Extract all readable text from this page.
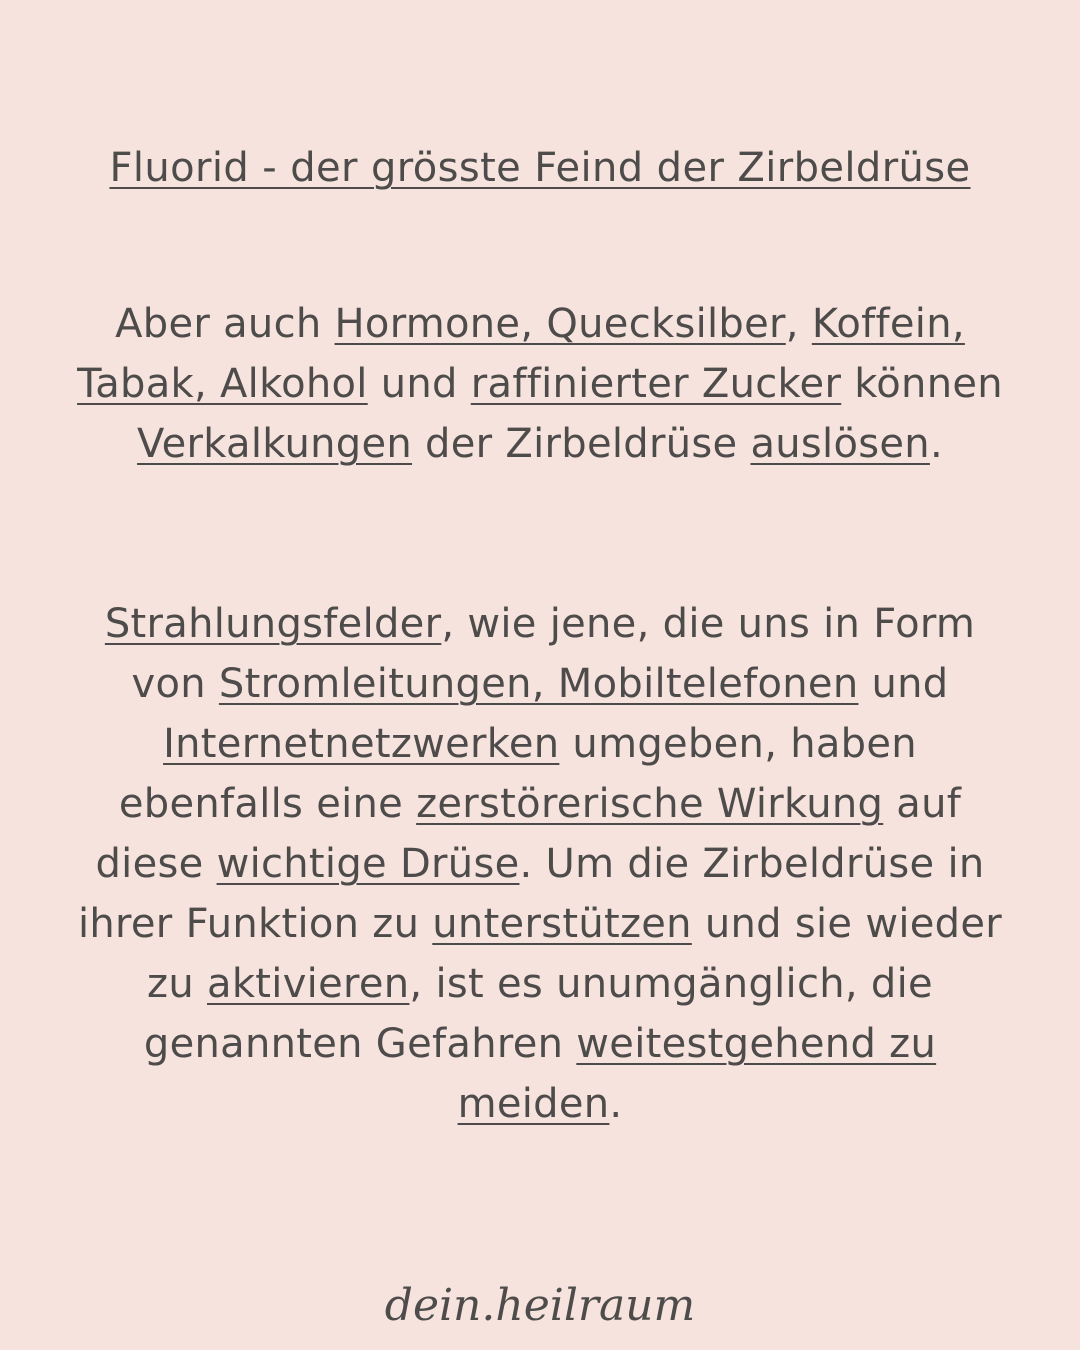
Fluorid - der grösste Feind der Zirbeldrüse

Aber auch Hormone, Quecksilber, Koffein, Tabak, Alkohol und raffinierter Zucker können Verkalkungen der Zirbeldrüse auslösen.

Strahlungsfelder, wie jene, die uns in Form von Stromleitungen, Mobiltelefonen und Internetnetzwerken umgeben, haben ebenfalls eine zerstörerische Wirkung auf diese wichtige Drüse. Um die Zirbeldrüse in ihrer Funktion zu unterstützen und sie wieder zu aktivieren, ist es unumgänglich, die genannten Gefahren weitestgehend zu meiden.

dein.heilraum
